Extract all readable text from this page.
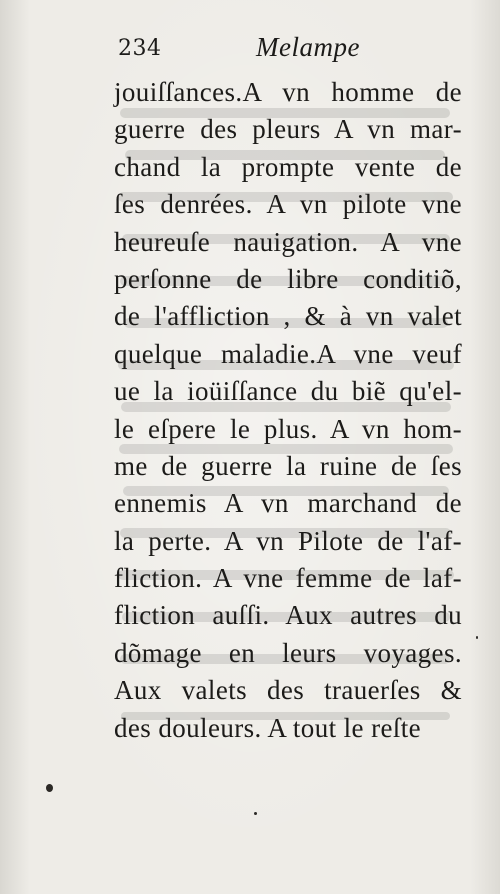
234	Melampe
jouiſſances.A vn homme de
guerre des pleurs A vn mar-
chand la prompte vente de
ſes denrées. A vn pilote vne
heureuſe nauigation. A vne
perſonne de libre conditiõ,
de l'affliction , & à vn valet
quelque maladie.A vne veuf
ue la ioüiſſance du biẽ qu'el-
le eſpere le plus. A vn hom-
me de guerre la ruine de ſes
ennemis A vn marchand de
la perte. A vn Pilote de l'af-
fliction. A vne femme de laf-
fliction auſſi. Aux autres du
dõmage en leurs voyages.
Aux valets des trauerſes &
des douleurs. A tout le reſte
